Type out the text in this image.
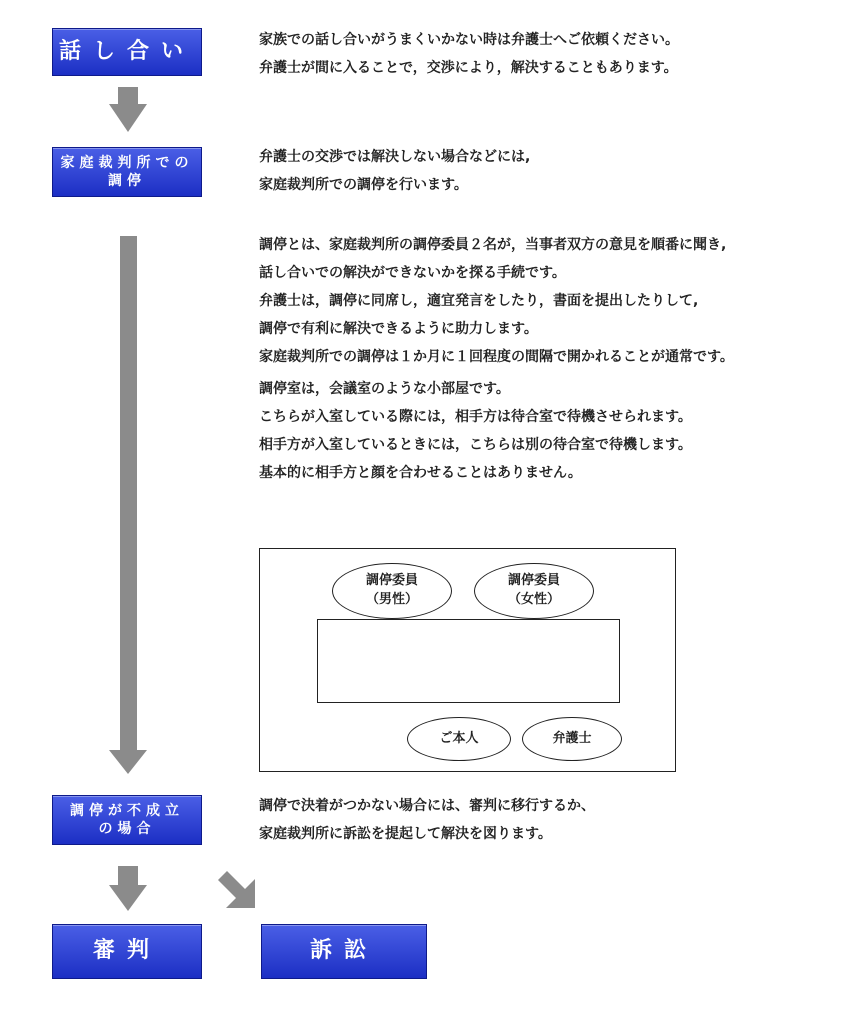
話し合い
家庭裁判所での
調停
調停が不成立
の場合
審判	訴訟
家族での話し合いがうまくいかない時は弁護士へご依頼ください。
弁護士が間に入ることで，交渉により，解決することもあります。
弁護士の交渉では解決しない場合などには,
家庭裁判所での調停を行います。
調停とは、家庭裁判所の調停委員２名が，当事者双方の意見を順番に聞き,
話し合いでの解決ができないかを探る手続です。
弁護士は，調停に同席し，適宜発言をしたり，書面を提出したりして,
調停で有利に解決できるように助力します。
家庭裁判所での調停は１か月に１回程度の間隔で開かれることが通常です。
調停室は，会議室のような小部屋です。
こちらが入室している際には，相手方は待合室で待機させられます。
相手方が入室しているときには，こちらは別の待合室で待機します。
基本的に相手方と顔を合わせることはありません。
調停委員
（男性）
調停委員
（女性）
ご本人	弁護士
調停で決着がつかない場合には、審判に移行するか、
家庭裁判所に訴訟を提起して解決を図ります。
